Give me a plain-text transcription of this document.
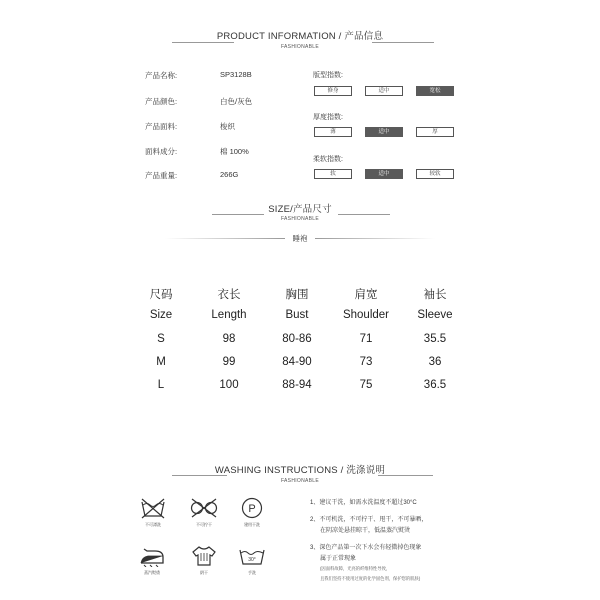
PRODUCT INFORMATION / 产品信息
FASHIONABLE
产品名称:	SP3128B
产品颜色:	白色/灰色
产品面料:	梭织
面料成分:	棉 100%
产品重量:	266G
版型指数:
修身	适中	宽松
厚度指数:
薄	适中	厚
柔软指数:
软	适中	较软
SIZE/产品尺寸
FASHIONABLE
睡袍
尺码	衣长	胸围	肩宽	袖长
Size	Length	Bust	Shoulder	Sleeve
S	98	80-86	71	35.5
M	99	84-90	73	36
L	100	88-94	75	36.5
WASHING INSTRUCTIONS / 洗涤说明
FASHIONABLE
不可漂洗	不可拧干
P
建用干洗
蒸汽熨烫	阴干
30°
手洗
1、建议干洗，如需水洗温度不超过30°C
2、不可机洗，不可拧干、甩干，不可暴晒，
在阴凉处悬挂晾干，低温蒸汽熨烫
3、深色产品第一次下水会有轻微掉色现象
属于正常现象
(因面料故障，光亮的纤维特性导致，
且我们坚持不使用过度的化学固色剂，保护您的肌肤)
